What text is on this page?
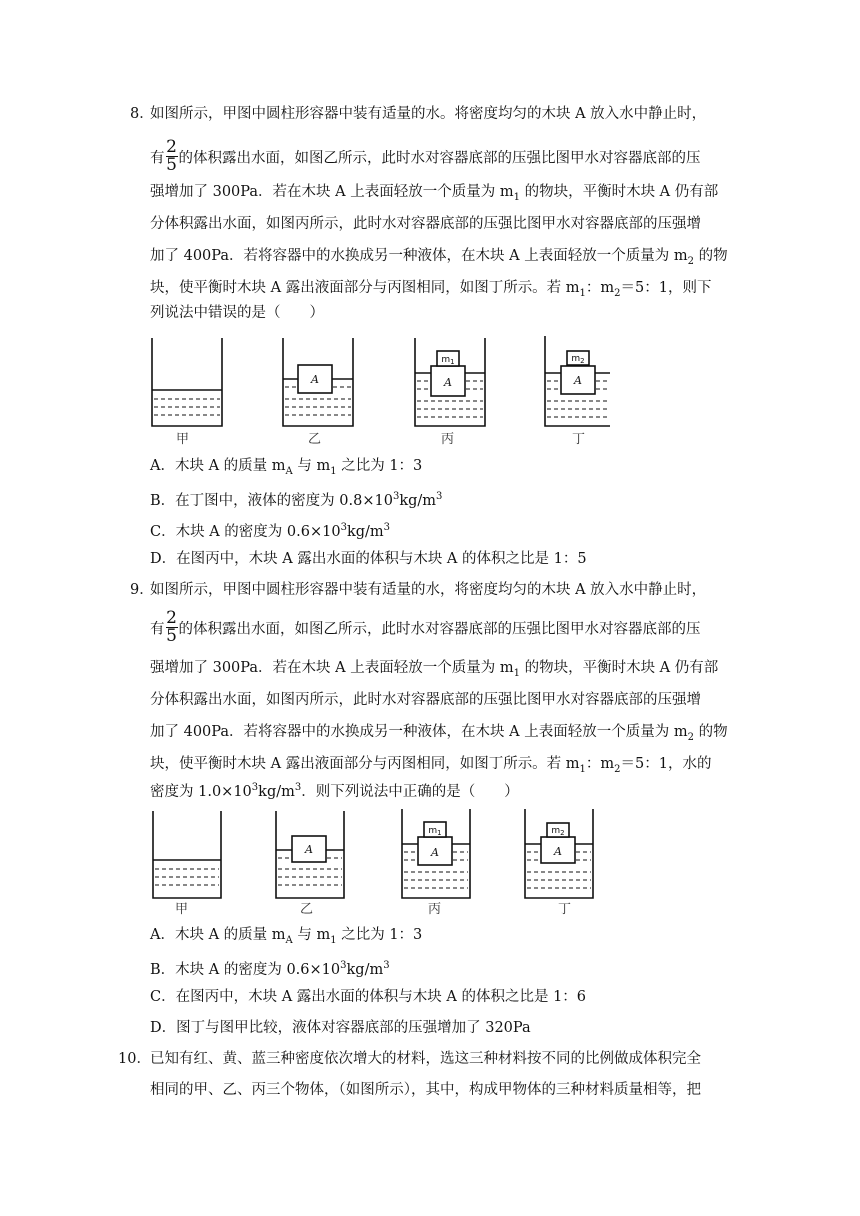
8．
如图所示，甲图中圆柱形容器中装有适量的水。将密度均匀的木块 A 放入水中静止时，
有 $\frac{2}{5}$ 的体积露出水面，如图乙所示，此时水对容器底部的压强比图甲水对容器底部的压
强增加了 300Pa．若在木块 A 上表面轻放一个质量为 $m_1$ 的物块，平衡时木块 A 仍有部
分体积露出水面，如图丙所示，此时水对容器底部的压强比图甲水对容器底部的压强增
加了 400Pa．若将容器中的水换成另一种液体，在木块 A 上表面轻放一个质量为 $m_2$ 的物
块，使平衡时木块 A 露出液面部分与丙图相同，如图丁所示。若 $m_1$：$m_2=5$：1，则下
列说法中错误的是（　　）
A	A	A
$m_1$	$m_2$
甲	乙	丙	丁
A．木块 A 的质量 $m_A$ 与 $m_1$ 之比为 1：3
B．在丁图中，液体的密度为 $0.8\times 10^3kg/m^3$
C．木块 A 的密度为 $0.6\times 10^3kg/m^3$
D．在图丙中，木块 A 露出水面的体积与木块 A 的体积之比是 1：5
9．
如图所示，甲图中圆柱形容器中装有适量的水，将密度均匀的木块 A 放入水中静止时，
有 $\frac{2}{5}$ 的体积露出水面，如图乙所示，此时水对容器底部的压强比图甲水对容器底部的压
强增加了 300Pa．若在木块 A 上表面轻放一个质量为 $m_1$ 的物块，平衡时木块 A 仍有部
分体积露出水面，如图丙所示，此时水对容器底部的压强比图甲水对容器底部的压强增
加了 400Pa．若将容器中的水换成另一种液体，在木块 A 上表面轻放一个质量为 $m_2$ 的物
块，使平衡时木块 A 露出液面部分与丙图相同，如图丁所示。若 $m_1$：$m_2=5$：1，水的
密度为 $1.0\times 10^3kg/m^3$．则下列说法中正确的是（　　）
A	A	A
$m_1$	$m_2$
甲	乙	丙	丁
A．木块 A 的质量 $m_A$ 与 $m_1$ 之比为 1：3
B．木块 A 的密度为 $0.6\times 10^3kg/m^3$
C．在图丙中，木块 A 露出水面的体积与木块 A 的体积之比是 1：6
D．图丁与图甲比较，液体对容器底部的压强增加了 320Pa
10． 已知有红、黄、蓝三种密度依次增大的材料，选这三种材料按不同的比例做成体积完全
相同的甲、乙、丙三个物体，（如图所示），其中，构成甲物体的三种材料质量相等，把
